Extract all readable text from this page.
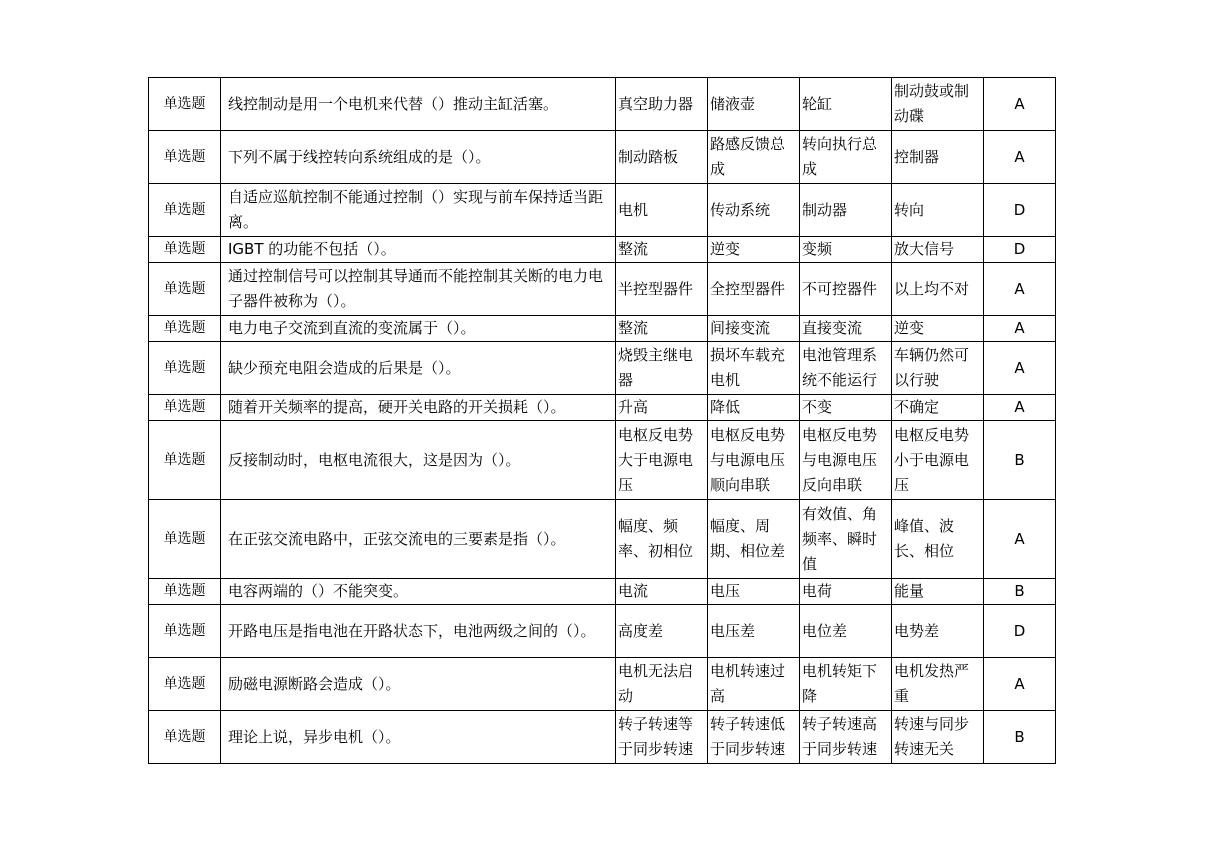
单选题	线控制动是用一个电机来代替（）推动主缸活塞。	真空助力器	储液壶	轮缸	制动鼓或制动碟	A
单选题	下列不属于线控转向系统组成的是（）。	制动踏板	路感反馈总成	转向执行总成	控制器	A
单选题	自适应巡航控制不能通过控制（）实现与前车保持适当距离。	电机	传动系统	制动器	转向	D
单选题	IGBT 的功能不包括（）。	整流	逆变	变频	放大信号	D
单选题	通过控制信号可以控制其导通而不能控制其关断的电力电子器件被称为（）。	半控型器件	全控型器件	不可控器件	以上均不对	A
单选题	电力电子交流到直流的变流属于（）。	整流	间接变流	直接变流	逆变	A
单选题	缺少预充电阻会造成的后果是（）。	烧毁主继电器	损坏车载充电机	电池管理系统不能运行	车辆仍然可以行驶	A
单选题	随着开关频率的提高，硬开关电路的开关损耗（）。	升高	降低	不变	不确定	A
单选题	反接制动时，电枢电流很大，这是因为（）。	电枢反电势大于电源电压	电枢反电势与电源电压顺向串联	电枢反电势与电源电压反向串联	电枢反电势小于电源电压	B
单选题	在正弦交流电路中，正弦交流电的三要素是指（）。	幅度、频率、初相位	幅度、周期、相位差	有效值、角频率、瞬时值	峰值、波长、相位	A
单选题	电容两端的（）不能突变。	电流	电压	电荷	能量	B
单选题	开路电压是指电池在开路状态下，电池两级之间的（）。	高度差	电压差	电位差	电势差	D
单选题	励磁电源断路会造成（）。	电机无法启动	电机转速过高	电机转矩下降	电机发热严重	A
单选题	理论上说，异步电机（）。	转子转速等于同步转速	转子转速低于同步转速	转子转速高于同步转速	转速与同步转速无关	B
